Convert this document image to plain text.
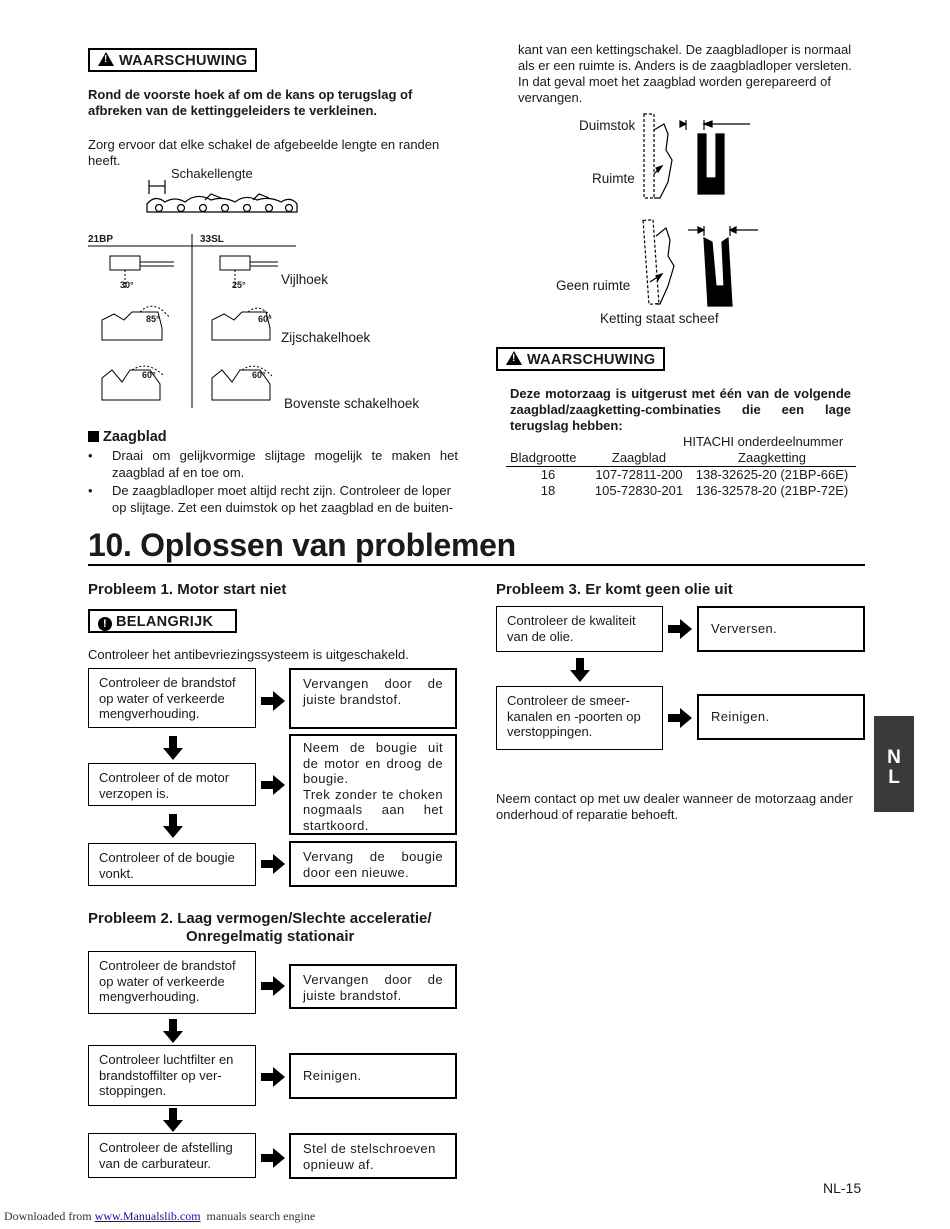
! WAARSCHUWING
Rond de voorste hoek af om de kans op terugslag of
afbreken van de kettinggeleiders te verkleinen.
Zorg ervoor dat elke schakel de afgebeelde lengte en randen
heeft.
Schakellengte
21BP	33SL
30°	25°
85°	60°
60°	60°
Vijlhoek
Zijschakelhoek
Bovenste schakelhoek
Zaagblad
•	Draai om gelijkvormige slijtage mogelijk te maken het
zaagblad af en toe om.
•	De zaagbladloper moet altijd recht zijn. Controleer de loper
op slijtage. Zet een duimstok op het zaagblad en de buiten-
kant van een kettingschakel. De zaagbladloper is normaal
als er een ruimte is. Anders is de zaagbladloper versleten.
In dat geval moet het zaagblad worden gerepareerd of
vervangen.
Duimstok
Ruimte
Geen ruimte
Ketting staat scheef
! WAARSCHUWING
Deze motorzaag is uitgerust met één van de volgende
zaagblad/zaagketting-combinaties die een lage
terugslag hebben:
HITACHI onderdeelnummer
Bladgrootte	Zaagblad	Zaagketting
16	107-72811-200	138-32625-20 (21BP-66E)
18	105-72830-201	136-32578-20 (21BP-72E)
10. Oplossen van problemen
Probleem 1. Motor start niet
! BELANGRIJK
Controleer het antibevriezingssysteem is uitgeschakeld.
Controleer de brandstof
op water of verkeerde
mengverhouding.
Vervangen door de
juiste brandstof.
Controleer of de motor
verzopen is.
Neem de bougie uit
de motor en droog de
bougie.
Trek zonder te choken
nogmaals aan het
startkoord.
Controleer of de bougie
vonkt.
Vervang de bougie
door een nieuwe.
Probleem 2. Laag vermogen/Slechte acceleratie/
Onregelmatig stationair
Controleer de brandstof
op water of verkeerde
mengverhouding.
Vervangen door de
juiste brandstof.
Controleer luchtfilter en
brandstoffilter op ver-
stoppingen.
Reinigen.
Controleer de afstelling
van de carburateur.
Stel de stelschroeven
opnieuw af.
Probleem 3. Er komt geen olie uit
Controleer de kwaliteit
van de olie.	Verversen.
Controleer de smeer-
kanalen en -poorten op
verstoppingen.
Reinigen.
Neem contact op met uw dealer wanneer de motorzaag ander
onderhoud of reparatie behoeft.
N
L
NL-15
Downloaded from www.Manualslib.com  manuals search engine
